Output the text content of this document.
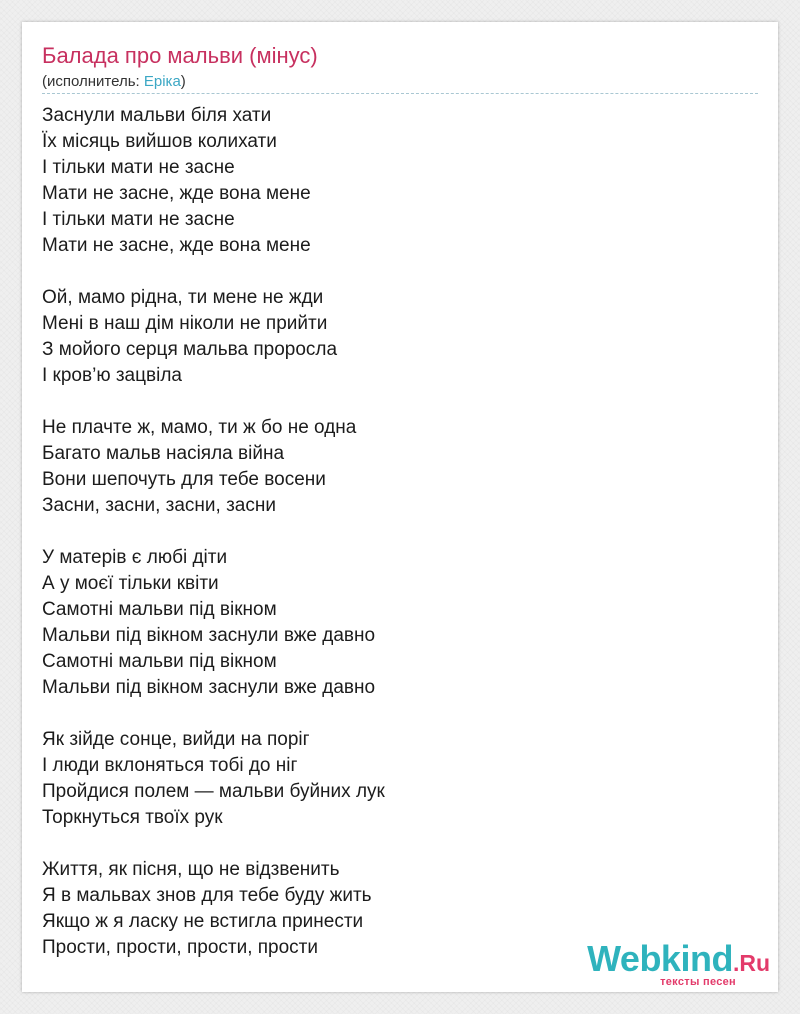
Балада про мальви (мінус)
(исполнитель: Еріка)
Заснули мальви біля хати
Їх місяць вийшов колихати
І тільки мати не засне
Мати не засне, жде вона мене
І тільки мати не засне
Мати не засне, жде вона мене
Ой, мамо рідна, ти мене не жди
Мені в наш дім ніколи не прийти
З мойого серця мальва проросла
І кров’ю зацвіла
Не плачте ж, мамо, ти ж бо не одна
Багато мальв насіяла війна
Вони шепочуть для тебе восени
Засни, засни, засни, засни
У матерів є любі діти
А у моєї тільки квіти
Самотні мальви під вікном
Мальви під вікном заснули вже давно
Самотні мальви під вікном
Мальви під вікном заснули вже давно
Як зійде сонце, вийди на поріг
І люди вклоняться тобі до ніг
Пройдися полем — мальви буйних лук
Торкнуться твоїх рук
Життя, як пісня, що не відзвенить
Я в мальвах знов для тебе буду жить
Якщо ж я ласку не встигла принести
Прости, прости, прости, прости	Webkind.Ru
тексты песен
